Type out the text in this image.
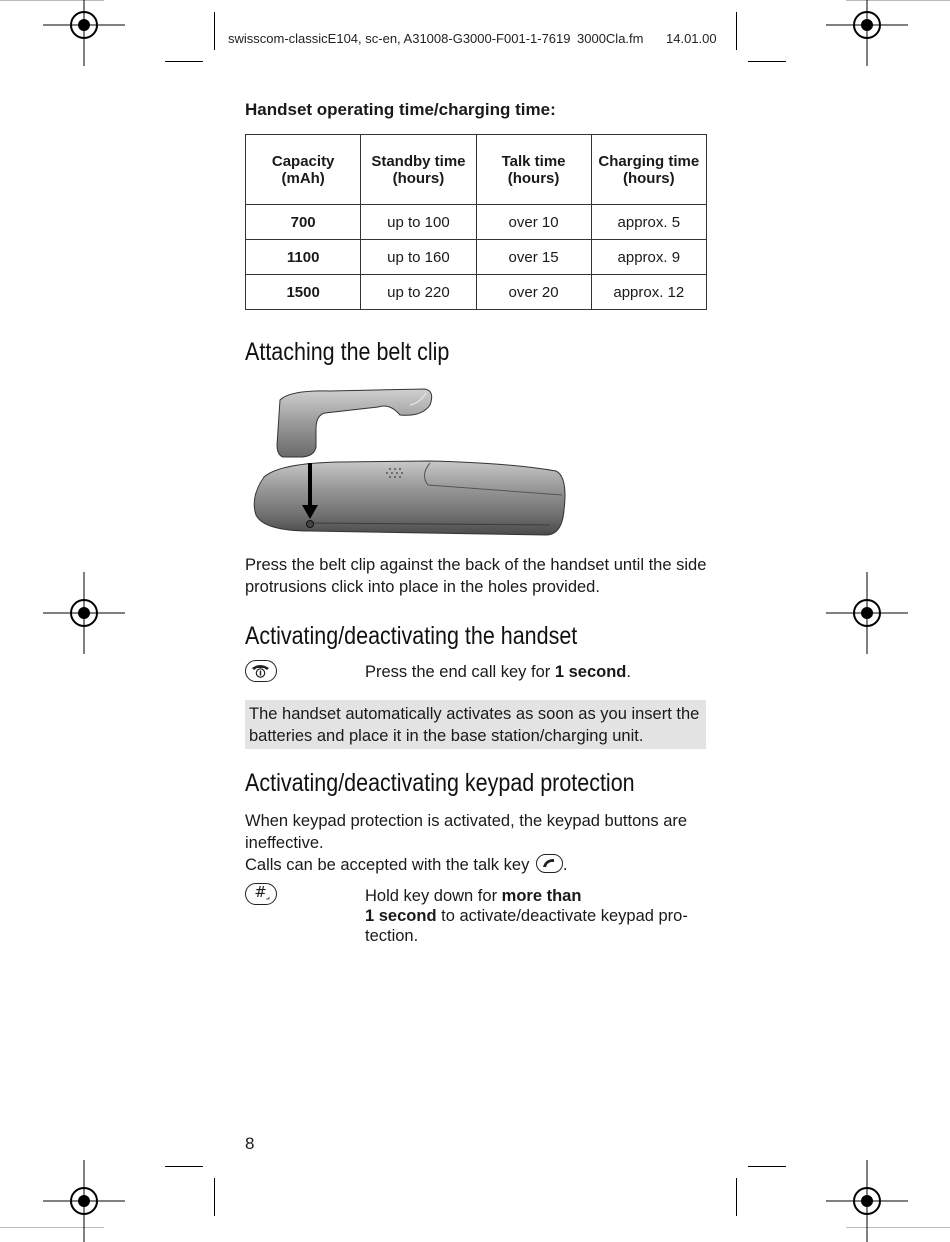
swisscom-classicE104, sc-en, A31008-G3000-F001-1-7619 3000Cla.fm 14.01.00
Handset operating time/charging time:
Capacity (mAh)	Standby time (hours)	Talk time (hours)	Charging time (hours)
700	up to 100	over 10	approx. 5
1100	up to 160	over 15	approx. 9
1500	up to 220	over 20	approx. 12
Attaching the belt clip
Press the belt clip against the back of the handset until the side protrusions click into place in the holes provided.
Activating/deactivating the handset
Press the end call key for 1 second.
The handset automatically activates as soon as you insert the batteries and place it in the base station/charging unit.
Activating/deactivating keypad protection
When keypad protection is activated, the keypad buttons are ineffective.
Calls can be accepted with the talk key .
#	Hold key down for more than
1 second to activate/deactivate keypad protection.
8
